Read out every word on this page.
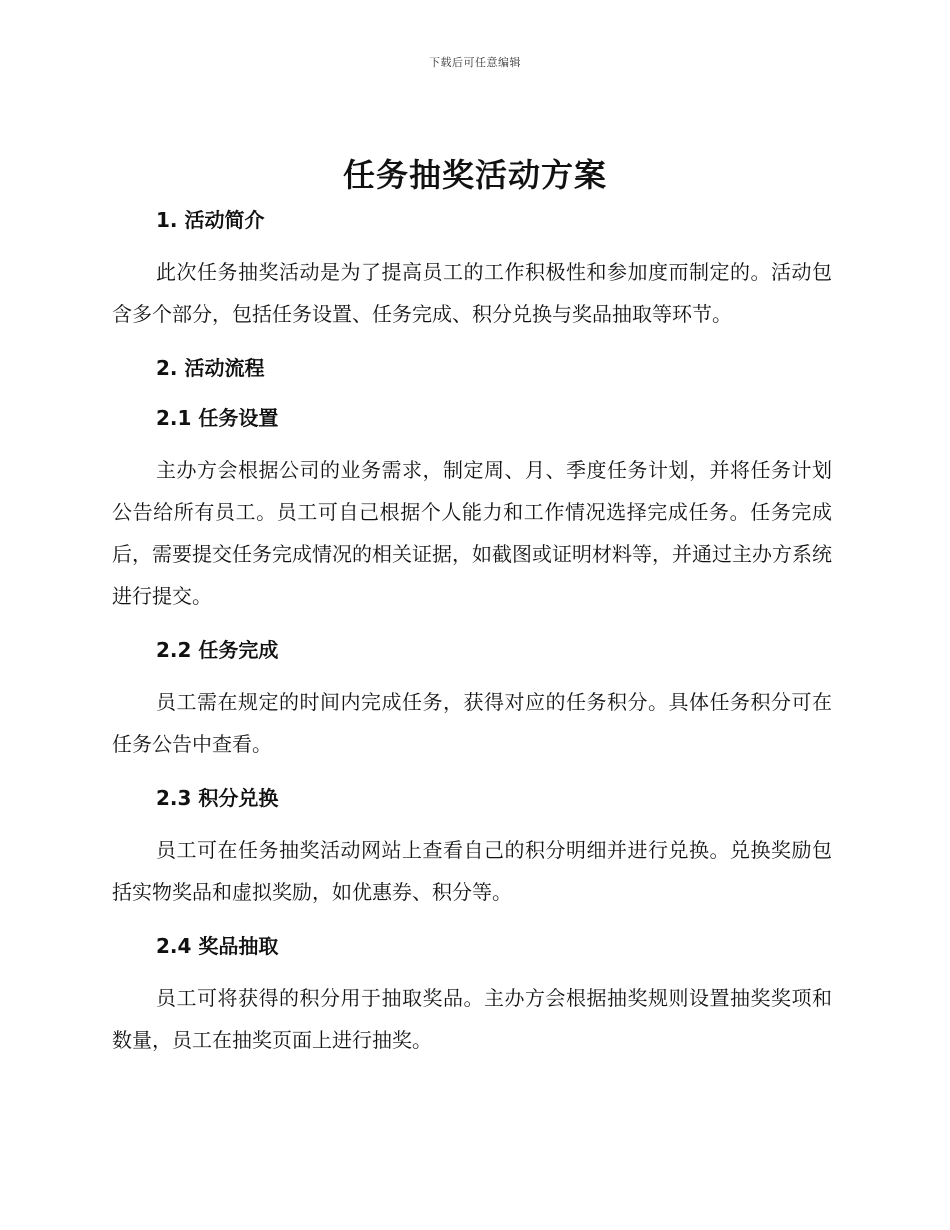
下载后可任意编辑
任务抽奖活动方案

1. 活动简介

此次任务抽奖活动是为了提高员工的工作积极性和参加度而制定的。活动包含多个部分，包括任务设置、任务完成、积分兑换与奖品抽取等环节。

2. 活动流程

2.1 任务设置

主办方会根据公司的业务需求，制定周、月、季度任务计划，并将任务计划公告给所有员工。员工可自己根据个人能力和工作情况选择完成任务。任务完成后，需要提交任务完成情况的相关证据，如截图或证明材料等，并通过主办方系统进行提交。

2.2 任务完成

员工需在规定的时间内完成任务，获得对应的任务积分。具体任务积分可在任务公告中查看。

2.3 积分兑换

员工可在任务抽奖活动网站上查看自己的积分明细并进行兑换。兑换奖励包括实物奖品和虚拟奖励，如优惠券、积分等。

2.4 奖品抽取

员工可将获得的积分用于抽取奖品。主办方会根据抽奖规则设置抽奖奖项和数量，员工在抽奖页面上进行抽奖。
